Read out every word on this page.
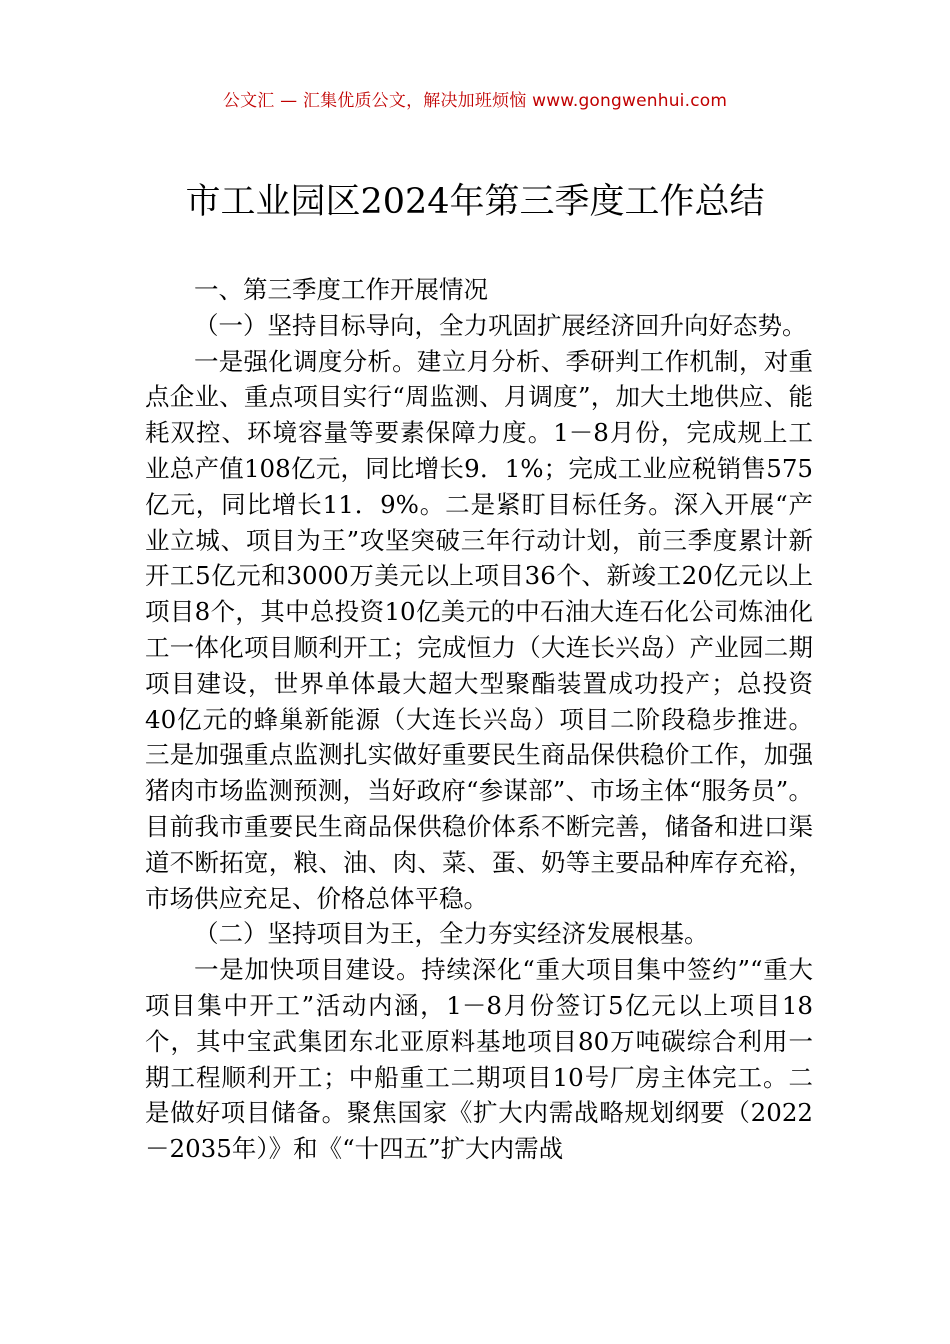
公文汇 — 汇集优质公文，解决加班烦恼 www.gongwenhui.com
市工业园区2024年第三季度工作总结

一、第三季度工作开展情况

（一）坚持目标导向，全力巩固扩展经济回升向好态势。

一是强化调度分析。建立月分析、季研判工作机制，对重点企业、重点项目实行“周监测、月调度”，加大土地供应、能耗双控、环境容量等要素保障力度。1－8月份，完成规上工业总产值108亿元，同比增长9．1%；完成工业应税销售575亿元，同比增长11．9%。二是紧盯目标任务。深入开展“产业立城、项目为王”攻坚突破三年行动计划，前三季度累计新开工5亿元和3000万美元以上项目36个、新竣工20亿元以上项目8个，其中总投资10亿美元的中石油大连石化公司炼油化工一体化项目顺利开工；完成恒力（大连长兴岛）产业园二期项目建设，世界单体最大超大型聚酯装置成功投产；总投资40亿元的蜂巢新能源（大连长兴岛）项目二阶段稳步推进。三是加强重点监测扎实做好重要民生商品保供稳价工作，加强猪肉市场监测预测，当好政府“参谋部”、市场主体“服务员”。目前我市重要民生商品保供稳价体系不断完善，储备和进口渠道不断拓宽，粮、油、肉、菜、蛋、奶等主要品种库存充裕，市场供应充足、价格总体平稳。

（二）坚持项目为王，全力夯实经济发展根基。

一是加快项目建设。持续深化“重大项目集中签约”“重大项目集中开工”活动内涵，1－8月份签订5亿元以上项目18个，其中宝武集团东北亚原料基地项目80万吨碳综合利用一期工程顺利开工；中船重工二期项目10号厂房主体完工。二是做好项目储备。聚焦国家《扩大内需战略规划纲要（2022－2035年）》和《“十四五”扩大内需战
